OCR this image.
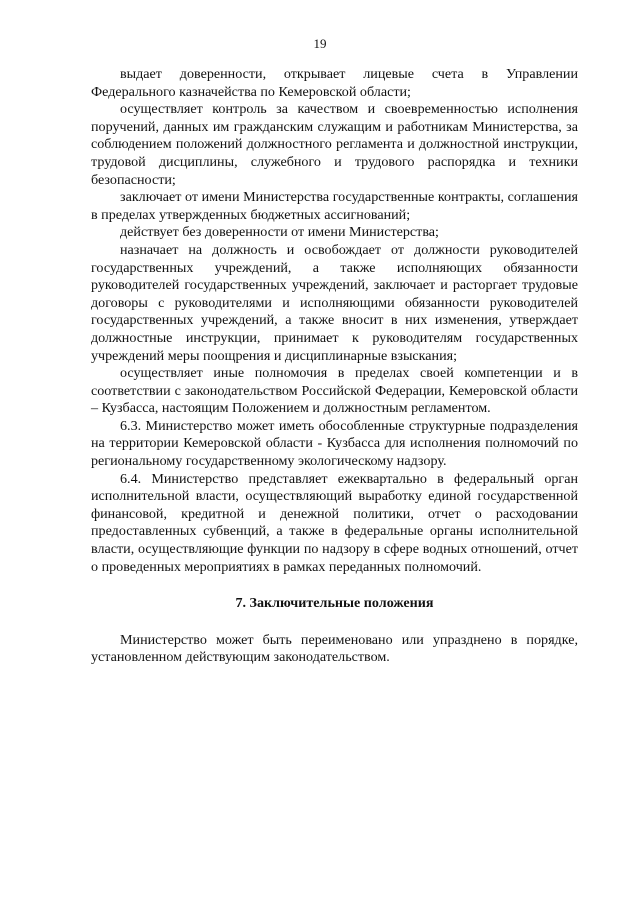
19

выдает доверенности, открывает лицевые счета в Управлении Федерального казначейства по Кемеровской области;

осуществляет контроль за качеством и своевременностью исполнения поручений, данных им гражданским служащим и работникам Министерства, за соблюдением положений должностного регламента и должностной инструкции, трудовой дисциплины, служебного и трудового распорядка и техники безопасности;

заключает от имени Министерства государственные контракты, соглашения в пределах утвержденных бюджетных ассигнований;

действует без доверенности от имени Министерства;

назначает на должность и освобождает от должности руководителей государственных учреждений, а также исполняющих обязанности руководителей государственных учреждений, заключает и расторгает трудовые договоры с руководителями и исполняющими обязанности руководителей государственных учреждений, а также вносит в них изменения, утверждает должностные инструкции, принимает к руководителям государственных учреждений меры поощрения и дисциплинарные взыскания;

осуществляет иные полномочия в пределах своей компетенции и в соответствии с законодательством Российской Федерации, Кемеровской области – Кузбасса, настоящим Положением и должностным регламентом.

6.3. Министерство может иметь обособленные структурные подразделения на территории Кемеровской области - Кузбасса для исполнения полномочий по региональному государственному экологическому надзору.

6.4. Министерство представляет ежеквартально в федеральный орган исполнительной власти, осуществляющий выработку единой государственной финансовой, кредитной и денежной политики, отчет о расходовании предоставленных субвенций, а также в федеральные органы исполнительной власти, осуществляющие функции по надзору в сфере водных отношений, отчет о проведенных мероприятиях в рамках переданных полномочий.

7. Заключительные положения

Министерство может быть переименовано или упразднено в порядке, установленном действующим законодательством.
